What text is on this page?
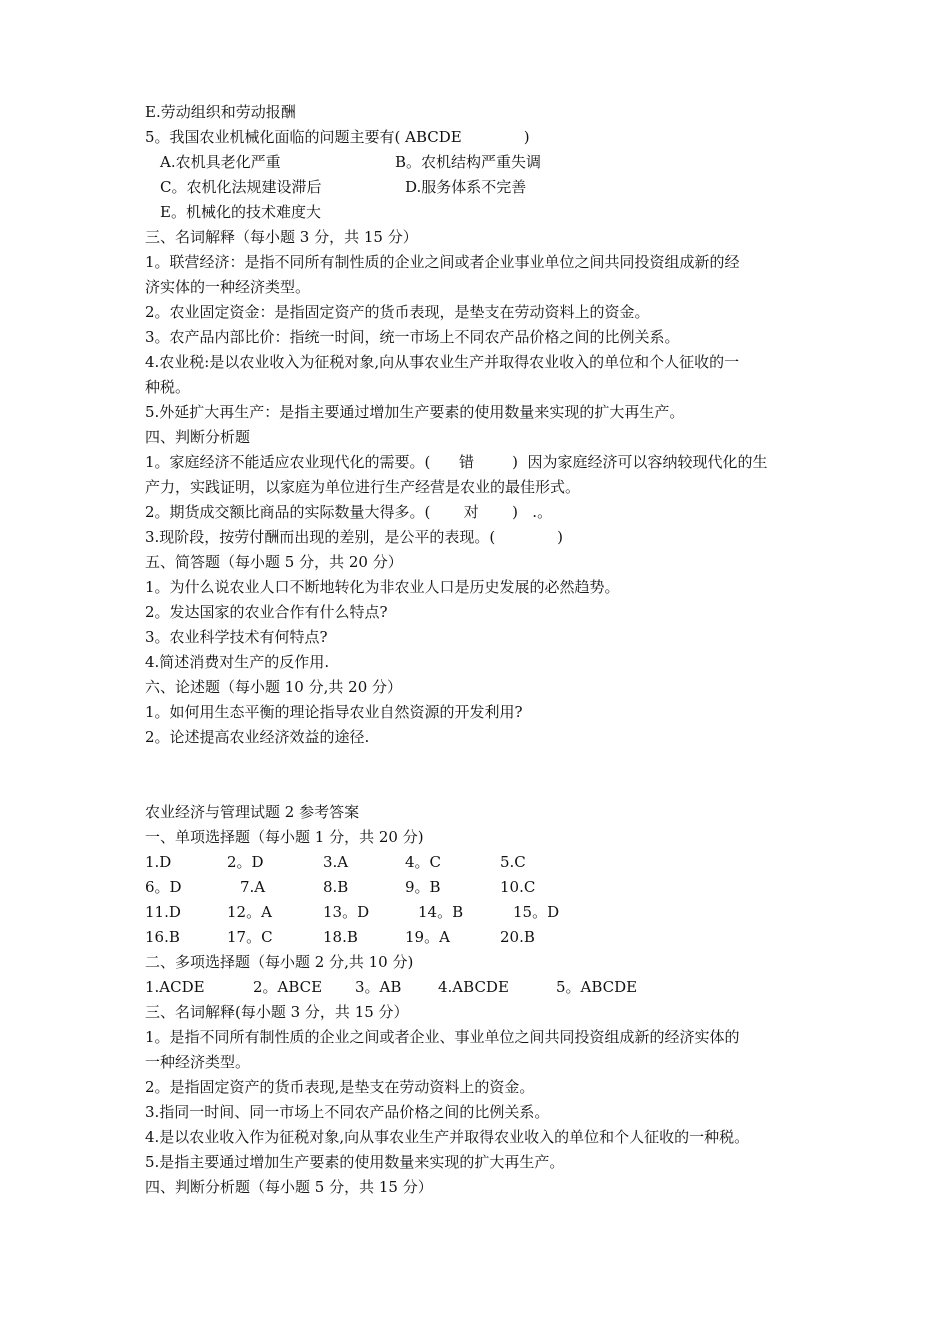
E.劳动组织和劳动报酬
5。我国农业机械化面临的问题主要有( ABCDE             )
A.农机具老化严重	B。农机结构严重失调
C。农机化法规建设滞后	D.服务体系不完善
E。机械化的技术难度大
三、名词解释（每小题 3 分，共 15 分）
1。联营经济：是指不同所有制性质的企业之间或者企业事业单位之间共同投资组成新的经
济实体的一种经济类型。
2。农业固定资金：是指固定资产的货币表现，是垫支在劳动资料上的资金。
3。农产品内部比价：指统一时间，统一市场上不同农产品价格之间的比例关系。
4.农业税:是以农业收入为征税对象,向从事农业生产并取得农业收入的单位和个人征收的一
种税。
5.外延扩大再生产：是指主要通过增加生产要素的使用数量来实现的扩大再生产。
四、判断分析题
1。家庭经济不能适应农业现代化的需要。(      错        )  因为家庭经济可以容纳较现代化的生
产力，实践证明，以家庭为单位进行生产经营是农业的最佳形式。
2。期货成交额比商品的实际数量大得多。(       对       )   .。
3.现阶段，按劳付酬而出现的差别，是公平的表现。(             )
五、简答题（每小题 5 分，共 20 分）
1。为什么说农业人口不断地转化为非农业人口是历史发展的必然趋势。
2。发达国家的农业合作有什么特点?
3。农业科学技术有何特点?
4.简述消费对生产的反作用.
六、论述题（每小题 10 分,共 20 分）
1。如何用生态平衡的理论指导农业自然资源的开发利用?
2。论述提高农业经济效益的途径.
农业经济与管理试题 2 参考答案
一、单项选择题（每小题 1 分，共 20 分)
1.D	2。D	3.A	4。C	5.C
6。D	7.A	8.B	9。B	10.C
11.D	12。A	13。D	14。B	15。D
16.B	17。C	18.B	19。A	20.B
二、多项选择题（每小题 2 分,共 10 分)
1.ACDE	2。ABCE 3。AB 4.ABCDE	5。ABCDE
三、名词解释(每小题 3 分，共 15 分）
1。是指不同所有制性质的企业之间或者企业、事业单位之间共同投资组成新的经济实体的
一种经济类型。
2。是指固定资产的货币表现,是垫支在劳动资料上的资金。
3.指同一时间、同一市场上不同农产品价格之间的比例关系。
4.是以农业收入作为征税对象,向从事农业生产并取得农业收入的单位和个人征收的一种税。
5.是指主要通过增加生产要素的使用数量来实现的扩大再生产。
四、判断分析题（每小题 5 分，共 15 分）
